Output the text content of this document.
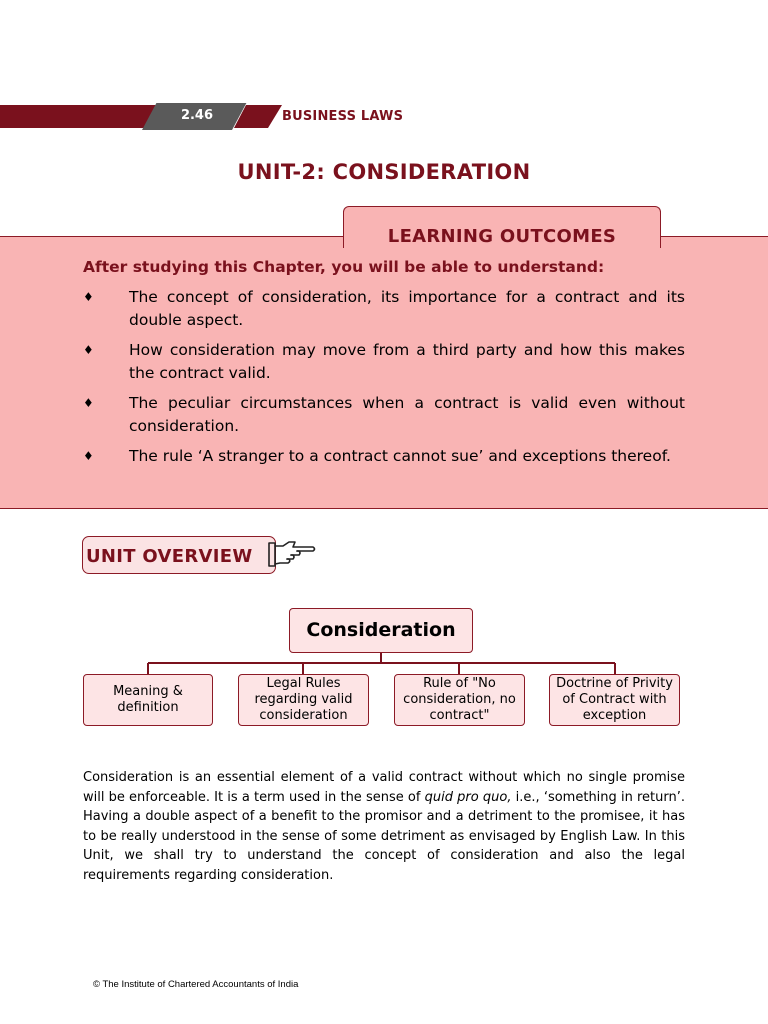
2.46	BUSINESS LAWS
UNIT-2: CONSIDERATION
LEARNING OUTCOMES
After studying this Chapter, you will be able to understand:
♦ The concept of consideration, its importance for a contract and its double aspect.
♦ How consideration may move from a third party and how this makes the contract valid.
♦ The peculiar circumstances when a contract is valid even without consideration.
♦ The rule ‘A stranger to a contract cannot sue’ and exceptions thereof.
UNIT OVERVIEW
Consideration
Meaning & definition
Legal Rules regarding valid consideration
Rule of "No consideration, no contract"
Doctrine of Privity of Contract with exception

Consideration is an essential element of a valid contract without which no single promise will be enforceable. It is a term used in the sense of quid pro quo, i.e., ‘something in return’. Having a double aspect of a benefit to the promisor and a detriment to the promisee, it has to be really understood in the sense of some detriment as envisaged by English Law. In this Unit, we shall try to understand the concept of consideration and also the legal requirements regarding consideration.

© The Institute of Chartered Accountants of India
